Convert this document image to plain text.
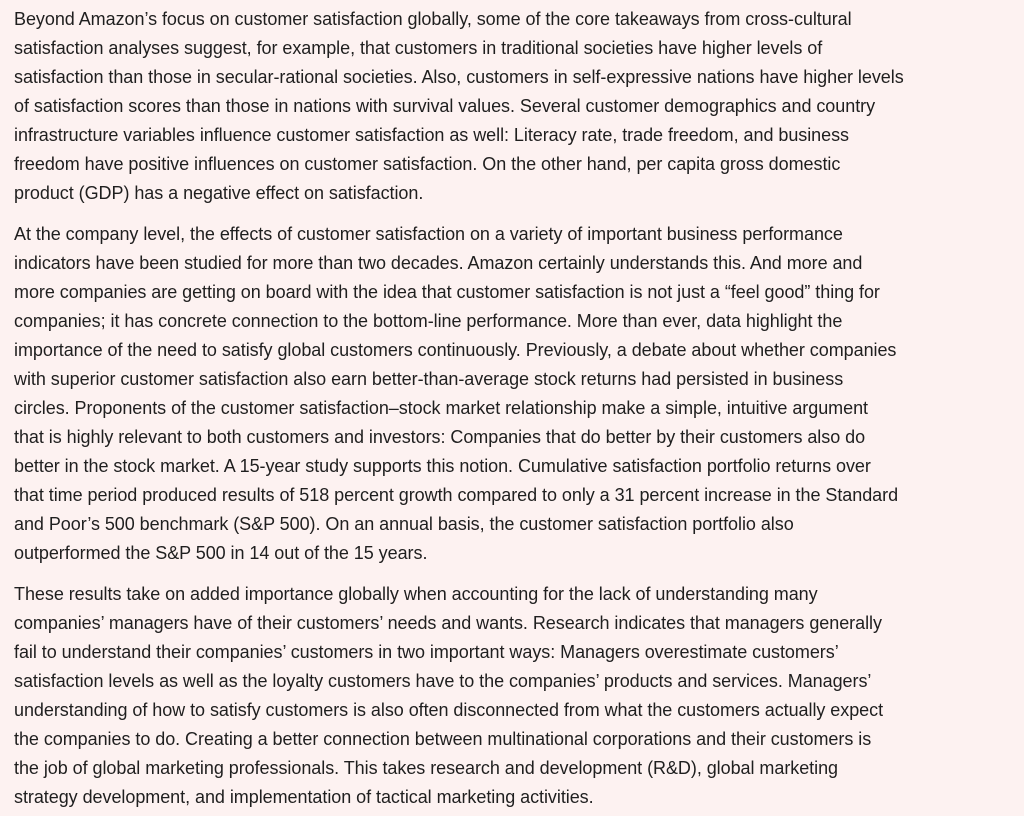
Beyond Amazon’s focus on customer satisfaction globally, some of the core takeaways from cross-cultural
satisfaction analyses suggest, for example, that customers in traditional societies have higher levels of
satisfaction than those in secular-rational societies. Also, customers in self-expressive nations have higher levels
of satisfaction scores than those in nations with survival values. Several customer demographics and country
infrastructure variables influence customer satisfaction as well: Literacy rate, trade freedom, and business
freedom have positive influences on customer satisfaction. On the other hand, per capita gross domestic
product (GDP) has a negative effect on satisfaction.

At the company level, the effects of customer satisfaction on a variety of important business performance
indicators have been studied for more than two decades. Amazon certainly understands this. And more and
more companies are getting on board with the idea that customer satisfaction is not just a “feel good” thing for
companies; it has concrete connection to the bottom-line performance. More than ever, data highlight the
importance of the need to satisfy global customers continuously. Previously, a debate about whether companies
with superior customer satisfaction also earn better-than-average stock returns had persisted in business
circles. Proponents of the customer satisfaction–stock market relationship make a simple, intuitive argument
that is highly relevant to both customers and investors: Companies that do better by their customers also do
better in the stock market. A 15-year study supports this notion. Cumulative satisfaction portfolio returns over
that time period produced results of 518 percent growth compared to only a 31 percent increase in the Standard
and Poor’s 500 benchmark (S&P 500). On an annual basis, the customer satisfaction portfolio also
outperformed the S&P 500 in 14 out of the 15 years.

These results take on added importance globally when accounting for the lack of understanding many
companies’ managers have of their customers’ needs and wants. Research indicates that managers generally
fail to understand their companies’ customers in two important ways: Managers overestimate customers’
satisfaction levels as well as the loyalty customers have to the companies’ products and services. Managers’
understanding of how to satisfy customers is also often disconnected from what the customers actually expect
the companies to do. Creating a better connection between multinational corporations and their customers is
the job of global marketing professionals. This takes research and development (R&D), global marketing
strategy development, and implementation of tactical marketing activities.
